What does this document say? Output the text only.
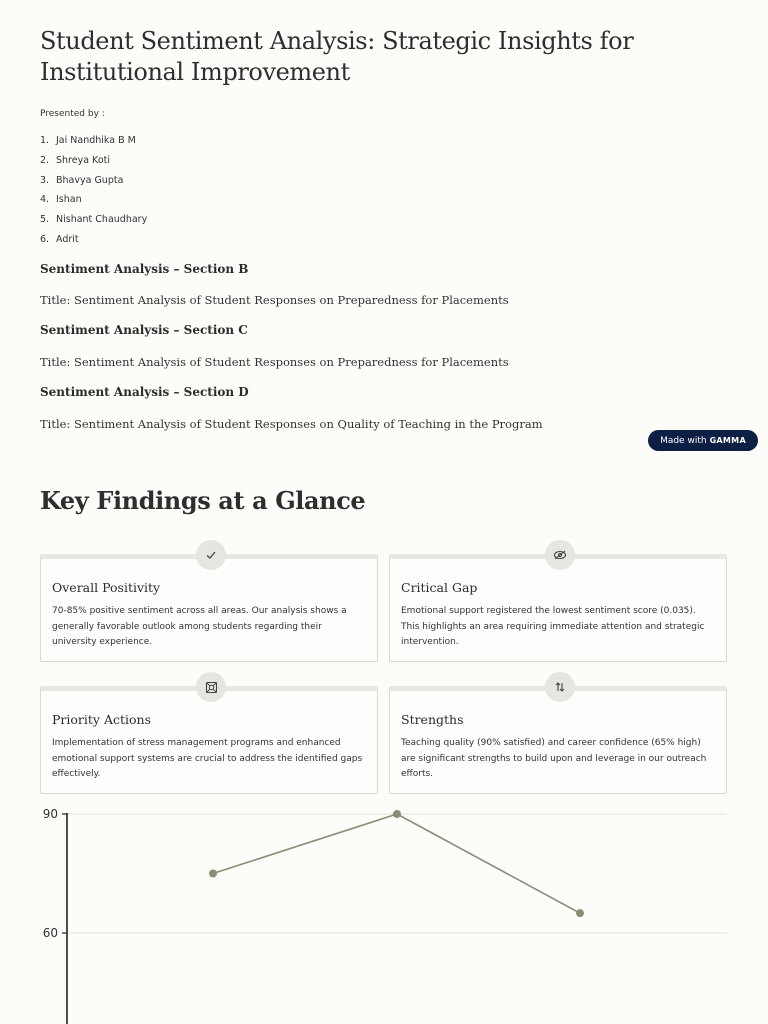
Student Sentiment Analysis: Strategic Insights for Institutional Improvement
Presented by :
1. Jai Nandhika B M
2. Shreya Koti
3. Bhavya Gupta
4. Ishan
5. Nishant Chaudhary
6. Adrit
Sentiment Analysis – Section B
Title: Sentiment Analysis of Student Responses on Preparedness for Placements
Sentiment Analysis – Section C
Title: Sentiment Analysis of Student Responses on Preparedness for Placements
Sentiment Analysis – Section D
Title: Sentiment Analysis of Student Responses on Quality of Teaching in the Program
Made with GAMMA
Key Findings at a Glance
Overall Positivity

70-85% positive sentiment across all areas. Our analysis shows a generally favorable outlook among students regarding their university experience.

Critical Gap

Emotional support registered the lowest sentiment score (0.035). This highlights an area requiring immediate attention and strategic intervention.

Priority Actions

Implementation of stress management programs and enhanced emotional support systems are crucial to address the identified gaps effectively.

Strengths

Teaching quality (90% satisfied) and career confidence (65% high) are significant strengths to build upon and leverage in our outreach efforts.

60
90
